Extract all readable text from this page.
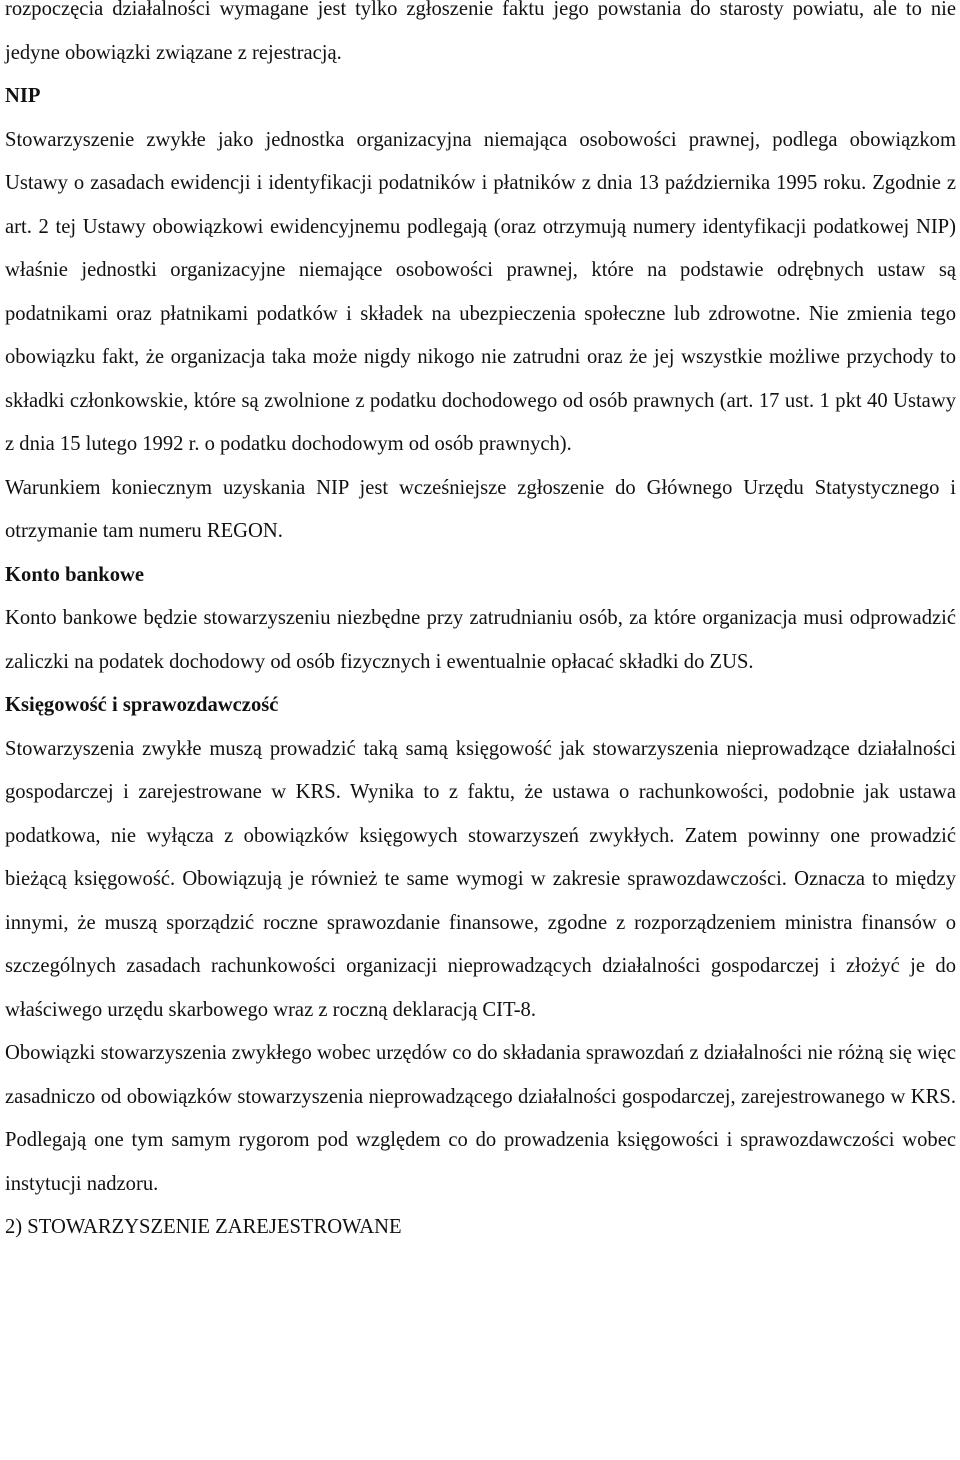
rozpoczęcia działalności wymagane jest tylko zgłoszenie faktu jego powstania do starosty powiatu, ale to nie jedyne obowiązki związane z rejestracją.

NIP

Stowarzyszenie zwykłe jako jednostka organizacyjna niemająca osobowości prawnej, podlega obowiązkom Ustawy o zasadach ewidencji i identyfikacji podatników i płatników z dnia 13 października 1995 roku. Zgodnie z art. 2 tej Ustawy obowiązkowi ewidencyjnemu podlegają (oraz otrzymują numery identyfikacji podatkowej NIP) właśnie jednostki organizacyjne niemające osobowości prawnej, które na podstawie odrębnych ustaw są podatnikami oraz płatnikami podatków i składek na ubezpieczenia społeczne lub zdrowotne. Nie zmienia tego obowiązku fakt, że organizacja taka może nigdy nikogo nie zatrudni oraz że jej wszystkie możliwe przychody to składki członkowskie, które są zwolnione z podatku dochodowego od osób prawnych (art. 17 ust. 1 pkt 40 Ustawy z dnia 15 lutego 1992 r. o podatku dochodowym od osób prawnych).

Warunkiem koniecznym uzyskania NIP jest wcześniejsze zgłoszenie do Głównego Urzędu Statystycznego i otrzymanie tam numeru REGON.

Konto bankowe

Konto bankowe będzie stowarzyszeniu niezbędne przy zatrudnianiu osób, za które organizacja musi odprowadzić zaliczki na podatek dochodowy od osób fizycznych i ewentualnie opłacać składki do ZUS.

Księgowość i sprawozdawczość

Stowarzyszenia zwykłe muszą prowadzić taką samą księgowość jak stowarzyszenia nieprowadzące działalności gospodarczej i zarejestrowane w KRS. Wynika to z faktu, że ustawa o rachunkowości, podobnie jak ustawa podatkowa, nie wyłącza z obowiązków księgowych stowarzyszeń zwykłych. Zatem powinny one prowadzić bieżącą księgowość. Obowiązują je również te same wymogi w zakresie sprawozdawczości. Oznacza to między innymi, że muszą sporządzić roczne sprawozdanie finansowe, zgodne z rozporządzeniem ministra finansów o szczególnych zasadach rachunkowości organizacji nieprowadzących działalności gospodarczej i złożyć je do właściwego urzędu skarbowego wraz z roczną deklaracją CIT-8.

Obowiązki stowarzyszenia zwykłego wobec urzędów co do składania sprawozdań z działalności nie różną się więc zasadniczo od obowiązków stowarzyszenia nieprowadzącego działalności gospodarczej, zarejestrowanego w KRS. Podlegają one tym samym rygorom pod względem co do prowadzenia księgowości i sprawozdawczości wobec instytucji nadzoru.

2) STOWARZYSZENIE ZAREJESTROWANE
